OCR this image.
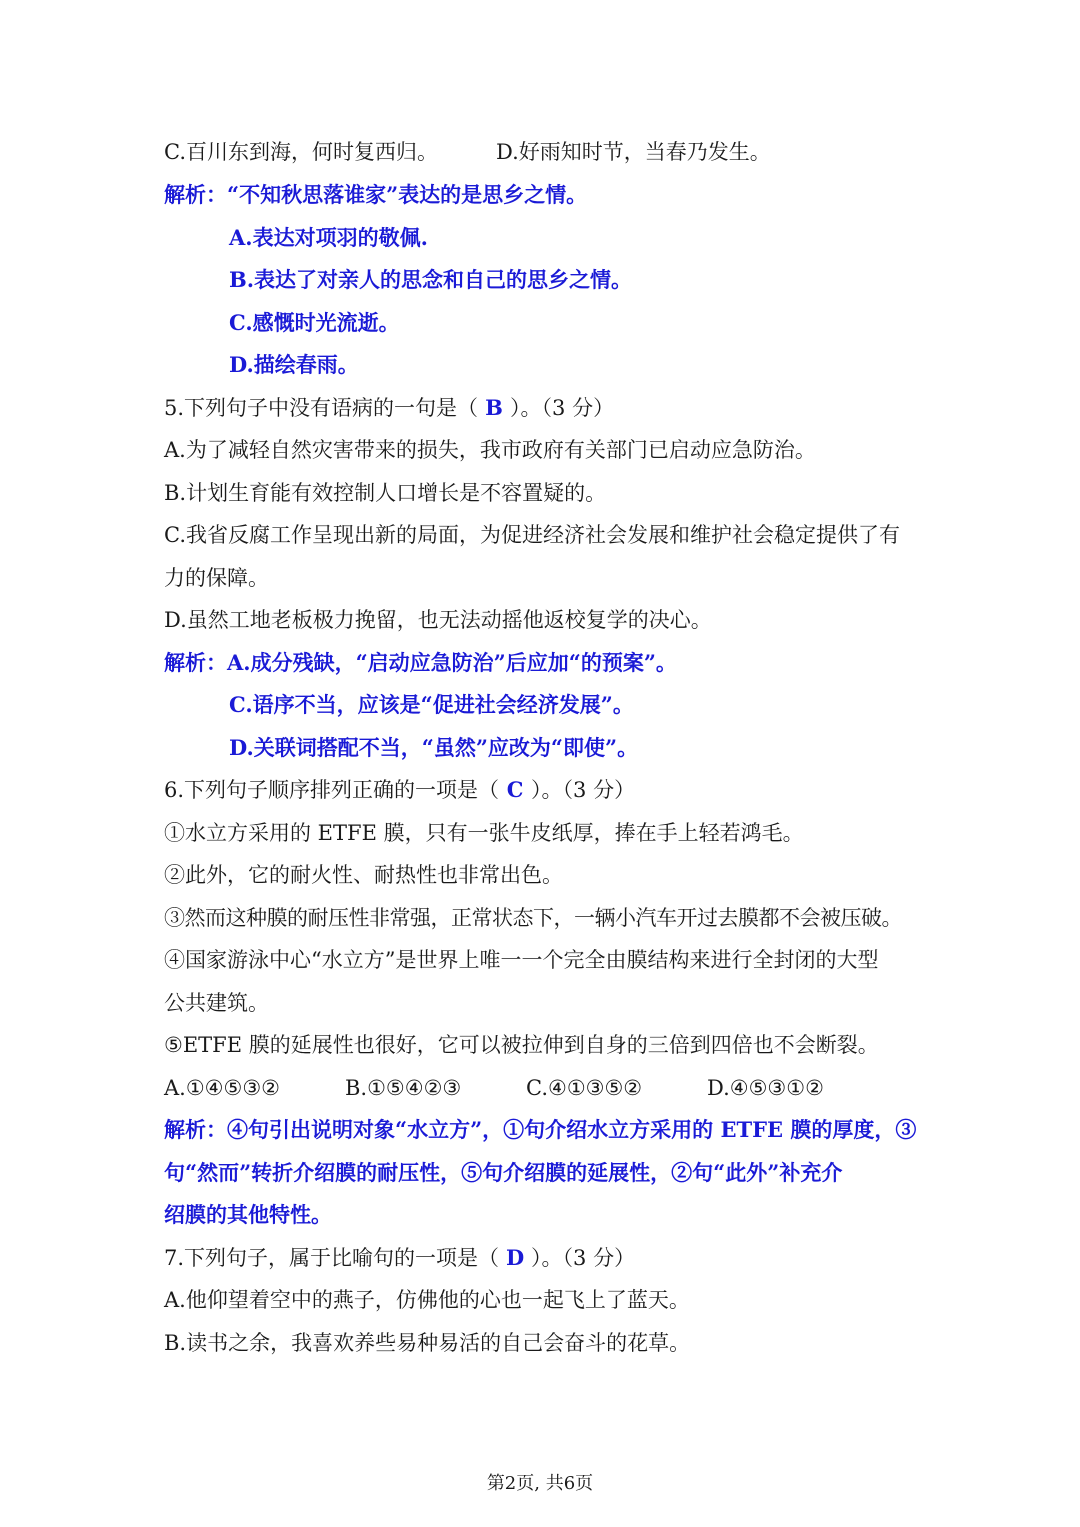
C.百川东到海，何时复西归。	D.好雨知时节，当春乃发生。
解析：“不知秋思落谁家”表达的是思乡之情。
A.表达对项羽的敬佩.
B.表达了对亲人的思念和自己的思乡之情。
C.感慨时光流逝。
D.描绘春雨。
5.下列句子中没有语病的一句是（ B ）。（3 分）
A.为了减轻自然灾害带来的损失，我市政府有关部门已启动应急防治。
B.计划生育能有效控制人口增长是不容置疑的。
C.我省反腐工作呈现出新的局面，为促进经济社会发展和维护社会稳定提供了有
力的保障。
D.虽然工地老板极力挽留，也无法动摇他返校复学的决心。
解析：A.成分残缺，“启动应急防治”后应加“的预案”。
C.语序不当，应该是“促进社会经济发展”。
D.关联词搭配不当，“虽然”应改为“即使”。
6.下列句子顺序排列正确的一项是（ C ）。（3 分）
①水立方采用的 ETFE 膜，只有一张牛皮纸厚，捧在手上轻若鸿毛。
②此外，它的耐火性、耐热性也非常出色。
③然而这种膜的耐压性非常强，正常状态下，一辆小汽车开过去膜都不会被压破。
④国家游泳中心“水立方”是世界上唯一一个完全由膜结构来进行全封闭的大型
公共建筑。
⑤ETFE 膜的延展性也很好，它可以被拉伸到自身的三倍到四倍也不会断裂。
A.①④⑤③②	B.①⑤④②③	C.④①③⑤②	D.④⑤③①②
解析：④句引出说明对象“水立方”，①句介绍水立方采用的 ETFE 膜的厚度，③
句“然而”转折介绍膜的耐压性，⑤句介绍膜的延展性，②句“此外”补充介
绍膜的其他特性。
7.下列句子，属于比喻句的一项是（ D ）。（3 分）
A.他仰望着空中的燕子，仿佛他的心也一起飞上了蓝天。
B.读书之余，我喜欢养些易种易活的自己会奋斗的花草。
第2页, 共6页
